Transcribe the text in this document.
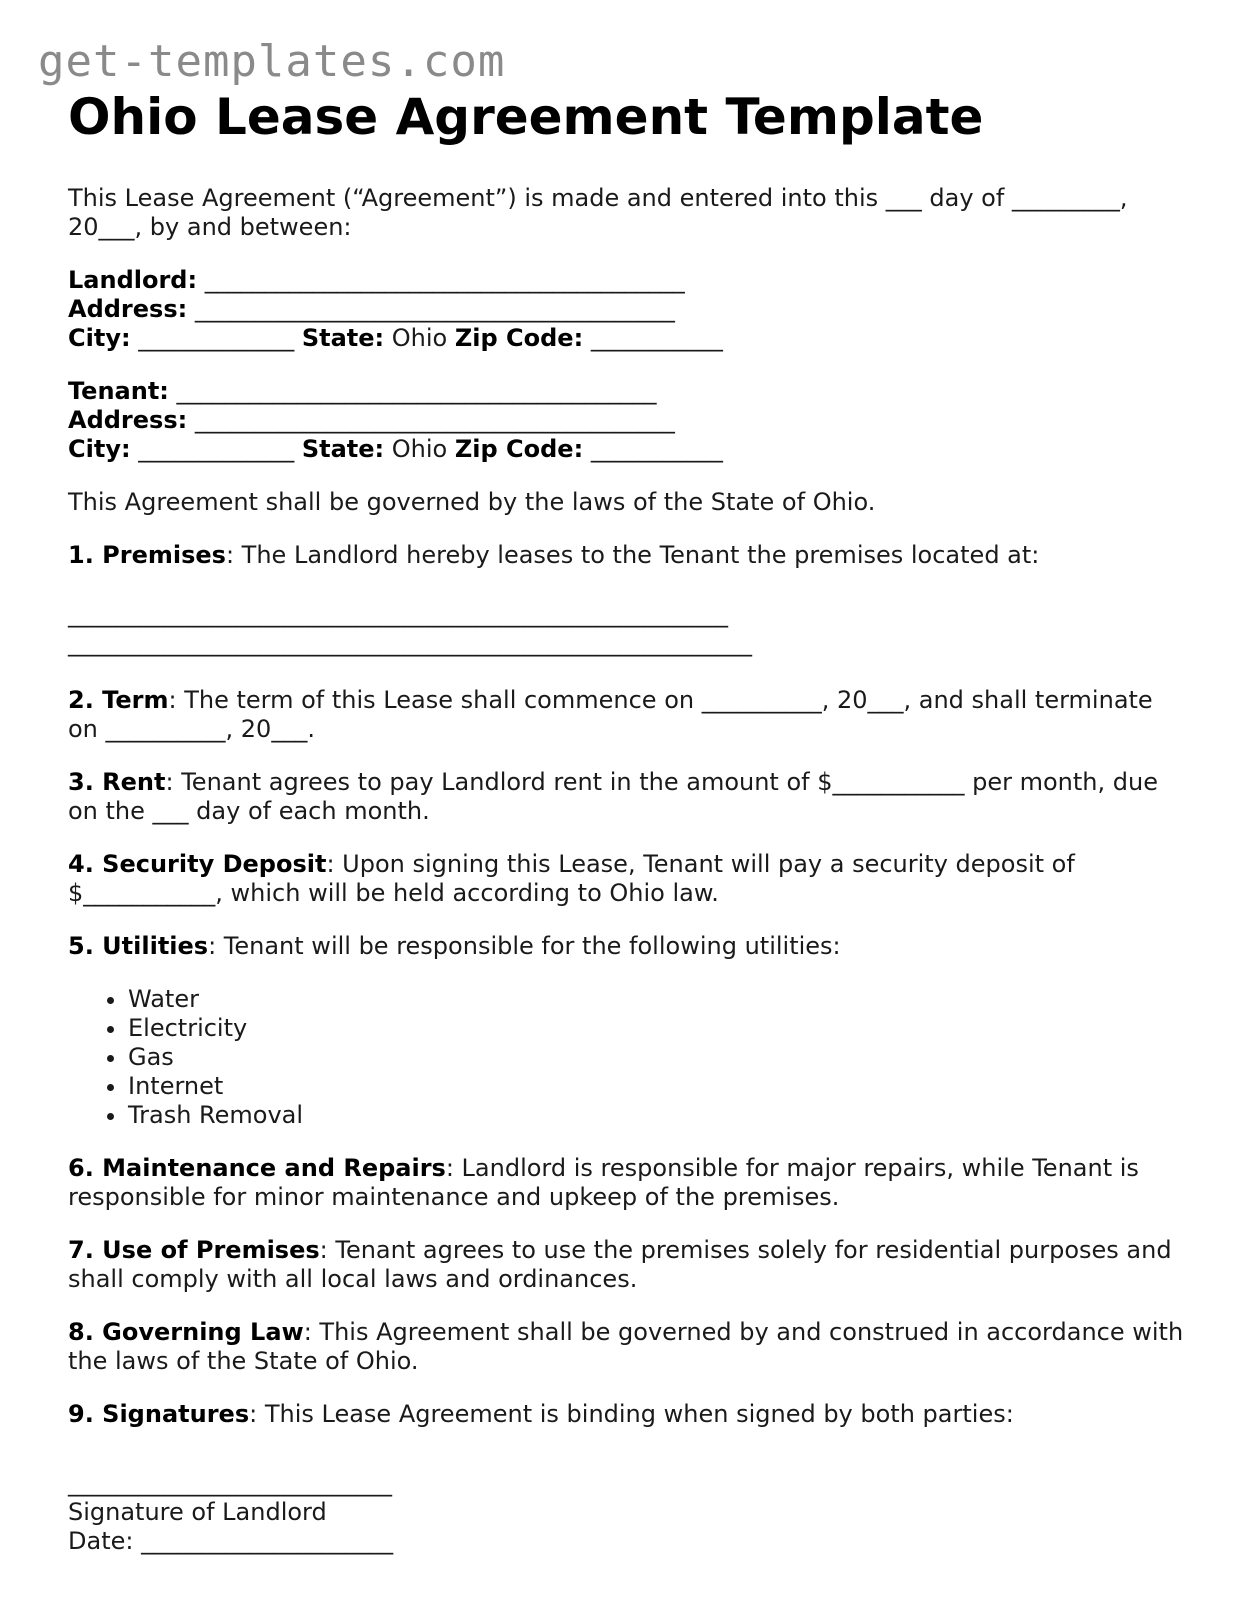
get-templates.com
Ohio Lease Agreement Template

This Lease Agreement (“Agreement”) is made and entered into this ___ day of _________, 20___, by and between:

Landlord: ________________________________________
Address: ________________________________________
City: _____________ State: Ohio Zip Code: ___________
Tenant: ________________________________________
Address: ________________________________________
City: _____________ State: Ohio Zip Code: ___________

This Agreement shall be governed by the laws of the State of Ohio.

1. Premises: The Landlord hereby leases to the Tenant the premises located at:

_______________________________________________________
_________________________________________________________

2. Term: The term of this Lease shall commence on __________, 20___, and shall terminate on __________, 20___.

3. Rent: Tenant agrees to pay Landlord rent in the amount of $___________ per month, due on the ___ day of each month.

4. Security Deposit: Upon signing this Lease, Tenant will pay a security deposit of $___________, which will be held according to Ohio law.

5. Utilities: Tenant will be responsible for the following utilities:

• Water
• Electricity
• Gas
• Internet
• Trash Removal

6. Maintenance and Repairs: Landlord is responsible for major repairs, while Tenant is responsible for minor maintenance and upkeep of the premises.

7. Use of Premises: Tenant agrees to use the premises solely for residential purposes and shall comply with all local laws and ordinances.

8. Governing Law: This Agreement shall be governed by and construed in accordance with the laws of the State of Ohio.

9. Signatures: This Lease Agreement is binding when signed by both parties:

___________________________
Signature of Landlord
Date: _____________________
